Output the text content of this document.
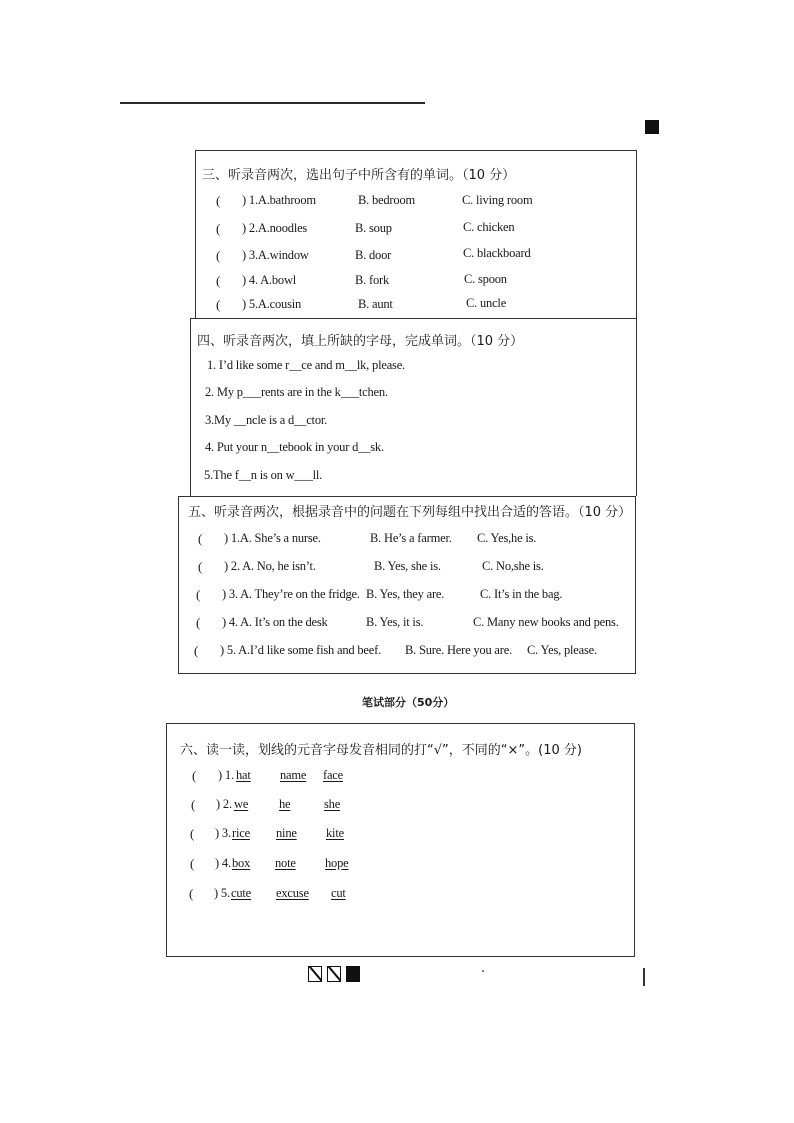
三、听录音两次，选出句子中所含有的单词。（10 分）
( ) 1.A.bathroom	B. bedroom	C. living room
( ) 2.A.noodles	B. soup	C. chicken
( ) 3.A.window	B. door	C. blackboard
( ) 4. A.bowl	B. fork	C. spoon
( ) 5.A.cousin	B. aunt	C. uncle
四、听录音两次，填上所缺的字母，完成单词。（10 分）
1. I’d like some r__ce and m__lk, please.
2. My p___rents are in the k___tchen.
3.My __ncle is a d__ctor.
4. Put your n__tebook in your d__sk.
5.The f__n is on w___ll.
五、听录音两次，根据录音中的问题在下列每组中找出合适的答语。（10 分）
( ) 1.A. She’s a nurse.	B. He’s a farmer. C. Yes,he is.
( ) 2. A. No, he isn’t.	B. Yes, she is.	C. No,she is.
( ) 3. A. They’re on the fridge. B. Yes, they are.	C. It’s in the bag.
( ) 4. A. It’s on the desk	B. Yes, it is.	C. Many new books and pens.
( ) 5. A.I’d like some fish and beef. B. Sure. Here you are. C. Yes, please.
笔试部分（50分）
六、读一读，划线的元音字母发音相同的打“√”，不同的“×”。(10 分)
( ) 1. hat name face
( ) 2. we he	she
( ) 3. rice nine kite
( ) 4. box note hope
( ) 5. cute excuse cut
